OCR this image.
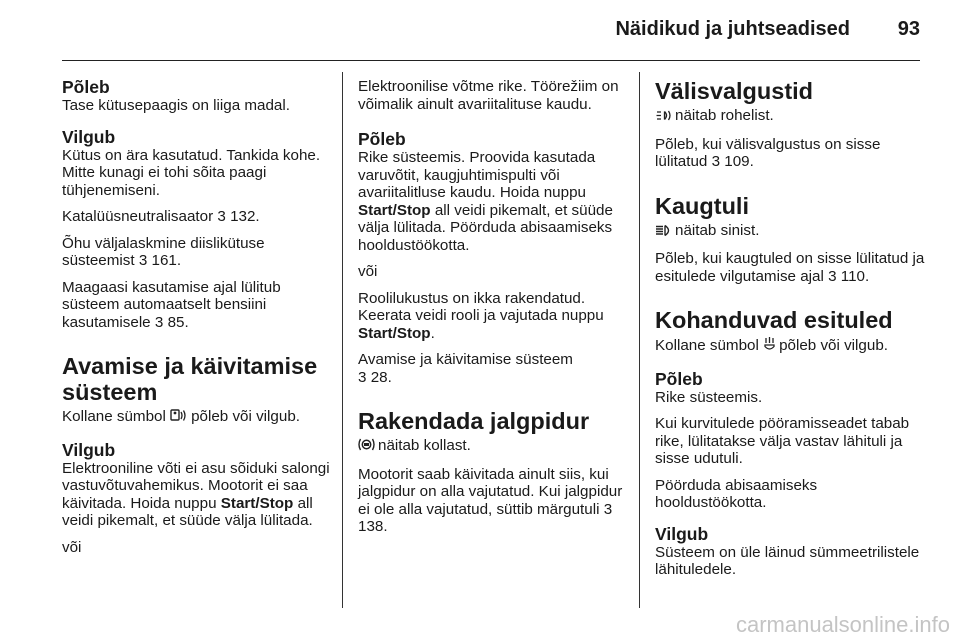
Näidikud ja juhtseadised 93
Põleb

Tase kütusepaagis on liiga madal.

Vilgub

Kütus on ära kasutatud. Tankida kohe. Mitte kunagi ei tohi sõita paagi tühjenemiseni.

Katalüüsneutralisaator 3 132.

Õhu väljalaskmine diislikütuse süsteemist 3 161.

Maagaasi kasutamise ajal lülitub süsteem automaatselt bensiini kasutamisele 3 85.

Avamise ja käivitamise süsteem

Kollane sümbol põleb või vilgub.

Vilgub

Elektrooniline võti ei asu sõiduki salongi vastuvõtuvahemikus. Mootorit ei saa käivitada. Hoida nuppu Start/Stop all veidi pikemalt, et süüde välja lülitada.

või

Elektroonilise võtme rike. Töörežiim on võimalik ainult avariitalituse kaudu.

Põleb

Rike süsteemis. Proovida kasutada varuvõtit, kaugjuhtimispulti või avariitalitluse kaudu. Hoida nuppu Start/Stop all veidi pikemalt, et süüde välja lülitada. Pöörduda abisaamiseks hooldustöökotta.

või

Roolilukustus on ikka rakendatud. Keerata veidi rooli ja vajutada nuppu Start/Stop.

Avamise ja käivitamise süsteem
3 28.

Rakendada jalgpidur

näitab kollast.

Mootorit saab käivitada ainult siis, kui jalgpidur on alla vajutatud. Kui jalgpidur ei ole alla vajutatud, süttib märgutuli 3 138.

Välisvalgustid

näitab rohelist.

Põleb, kui välisvalgustus on sisse lülitatud 3 109.

Kaugtuli

näitab sinist.

Põleb, kui kaugtuled on sisse lülitatud ja esitulede vilgutamise ajal 3 110.

Kohanduvad esituled

Kollane sümbol põleb või vilgub.

Põleb

Rike süsteemis.

Kui kurvitulede pööramisseadet tabab rike, lülitatakse välja vastav lähituli ja sisse udutuli.

Pöörduda abisaamiseks hooldustöökotta.

Vilgub

Süsteem on üle läinud sümmeetrilistele lähituledele.

carmanualsonline.info
